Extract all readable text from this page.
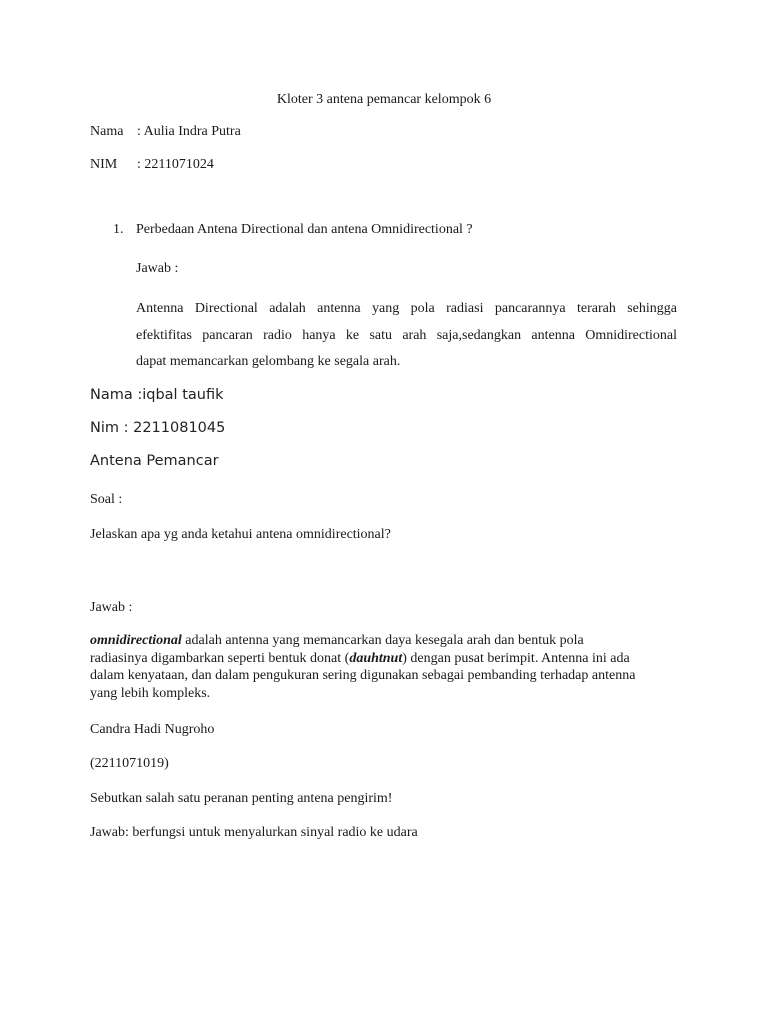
Kloter 3 antena pemancar kelompok 6
Nama : Aulia Indra Putra
NIM : 2211071024
1. Perbedaan Antena Directional dan antena Omnidirectional ?
Jawab :
Antenna Directional adalah antenna yang pola radiasi pancarannya terarah sehingga
efektifitas pancaran radio hanya ke satu arah saja,sedangkan antenna Omnidirectional
dapat memancarkan gelombang ke segala arah.
Nama :iqbal taufik
Nim : 2211081045
Antena Pemancar
Soal :
Jelaskan apa yg anda ketahui antena omnidirectional?
Jawab :
omnidirectional adalah antenna yang memancarkan daya kesegala arah dan bentuk pola
radiasinya digambarkan seperti bentuk donat (dauhtnut) dengan pusat berimpit. Antenna ini ada
dalam kenyataan, dan dalam pengukuran sering digunakan sebagai pembanding terhadap antenna
yang lebih kompleks.
Candra Hadi Nugroho
(2211071019)
Sebutkan salah satu peranan penting antena pengirim!
Jawab: berfungsi untuk menyalurkan sinyal radio ke udara
